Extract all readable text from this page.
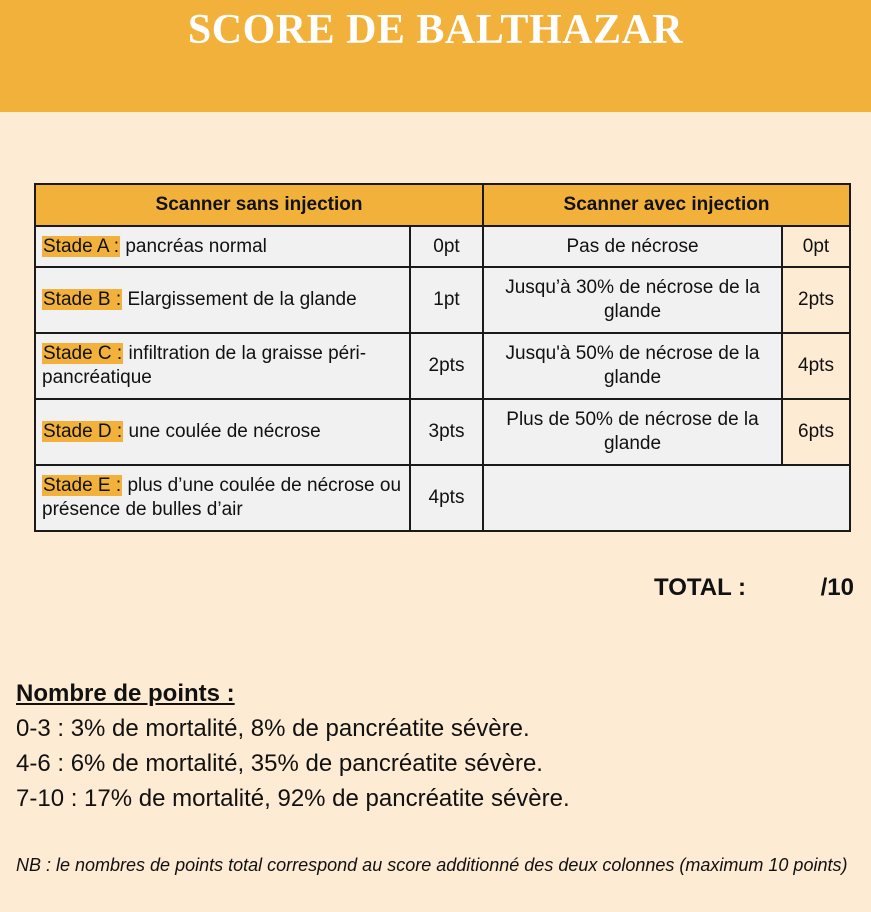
SCORE DE BALTHAZAR
Scanner sans injection		Scanner avec injection	
Stade A : pancréas normal	0pt	Pas de nécrose	0pt
Stade B : Elargissement de la glande	1pt	Jusqu’à 30% de nécrose de la glande	2pts
Stade C : infiltration de la graisse péri-pancréatique	2pts	Jusqu'à 50% de nécrose de la glande	4pts
Stade D : une coulée de nécrose	3pts	Plus de 50% de nécrose de la glande	6pts
Stade E : plus d’une coulée de nécrose ou présence de bulles d’air	4pts		
TOTAL :	/10
Nombre de points :
0-3 : 3% de mortalité, 8% de pancréatite sévère.
4-6 : 6% de mortalité, 35% de pancréatite sévère.
7-10 : 17% de mortalité, 92% de pancréatite sévère.
NB : le nombres de points total correspond au score additionné des deux colonnes (maximum 10 points)
